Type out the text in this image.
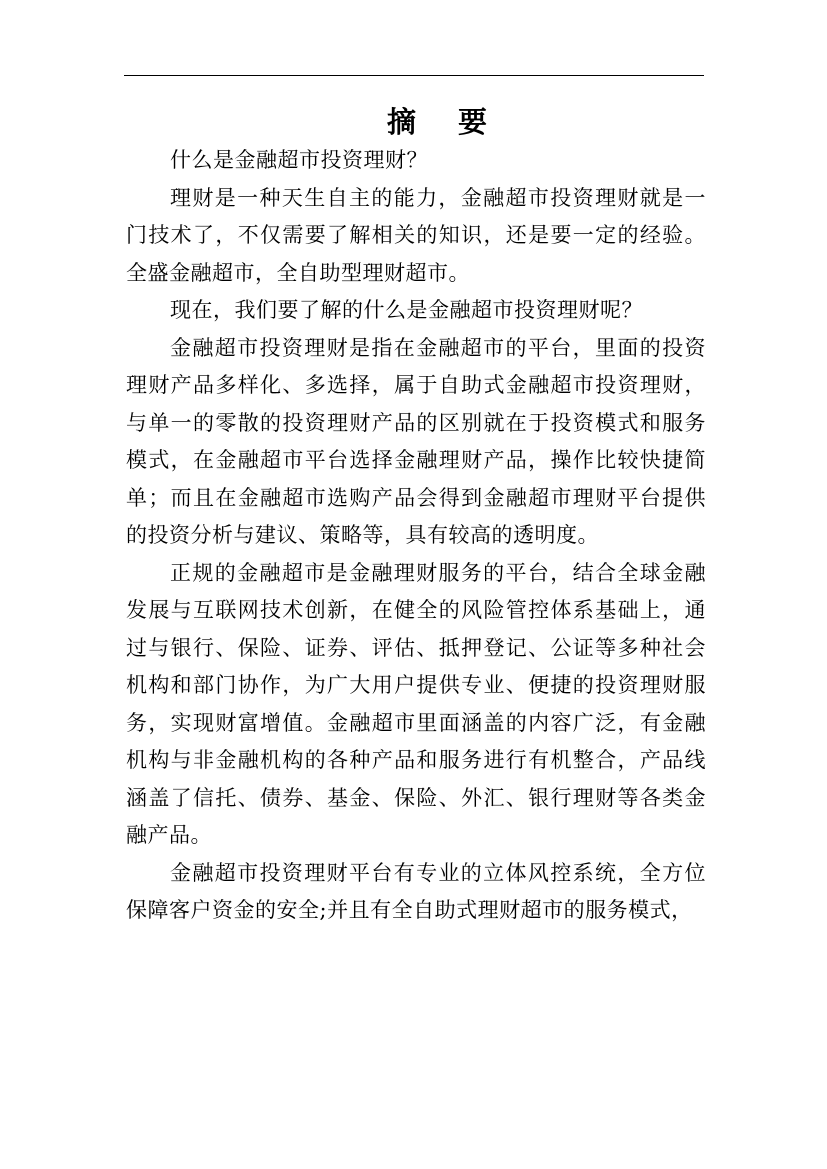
摘 要

什么是金融超市投资理财？

理财是一种天生自主的能力，金融超市投资理财就是一门技术了，不仅需要了解相关的知识，还是要一定的经验。全盛金融超市，全自助型理财超市。

现在，我们要了解的什么是金融超市投资理财呢？

金融超市投资理财是指在金融超市的平台，里面的投资理财产品多样化、多选择，属于自助式金融超市投资理财，与单一的零散的投资理财产品的区别就在于投资模式和服务模式，在金融超市平台选择金融理财产品，操作比较快捷简单；而且在金融超市选购产品会得到金融超市理财平台提供的投资分析与建议、策略等，具有较高的透明度。

正规的金融超市是金融理财服务的平台，结合全球金融发展与互联网技术创新，在健全的风险管控体系基础上，通过与银行、保险、证券、评估、抵押登记、公证等多种社会机构和部门协作，为广大用户提供专业、便捷的投资理财服务，实现财富增值。金融超市里面涵盖的内容广泛，有金融机构与非金融机构的各种产品和服务进行有机整合，产品线涵盖了信托、债券、基金、保险、外汇、银行理财等各类金融产品。

金融超市投资理财平台有专业的立体风控系统，全方位保障客户资金的安全;并且有全自助式理财超市的服务模式，
